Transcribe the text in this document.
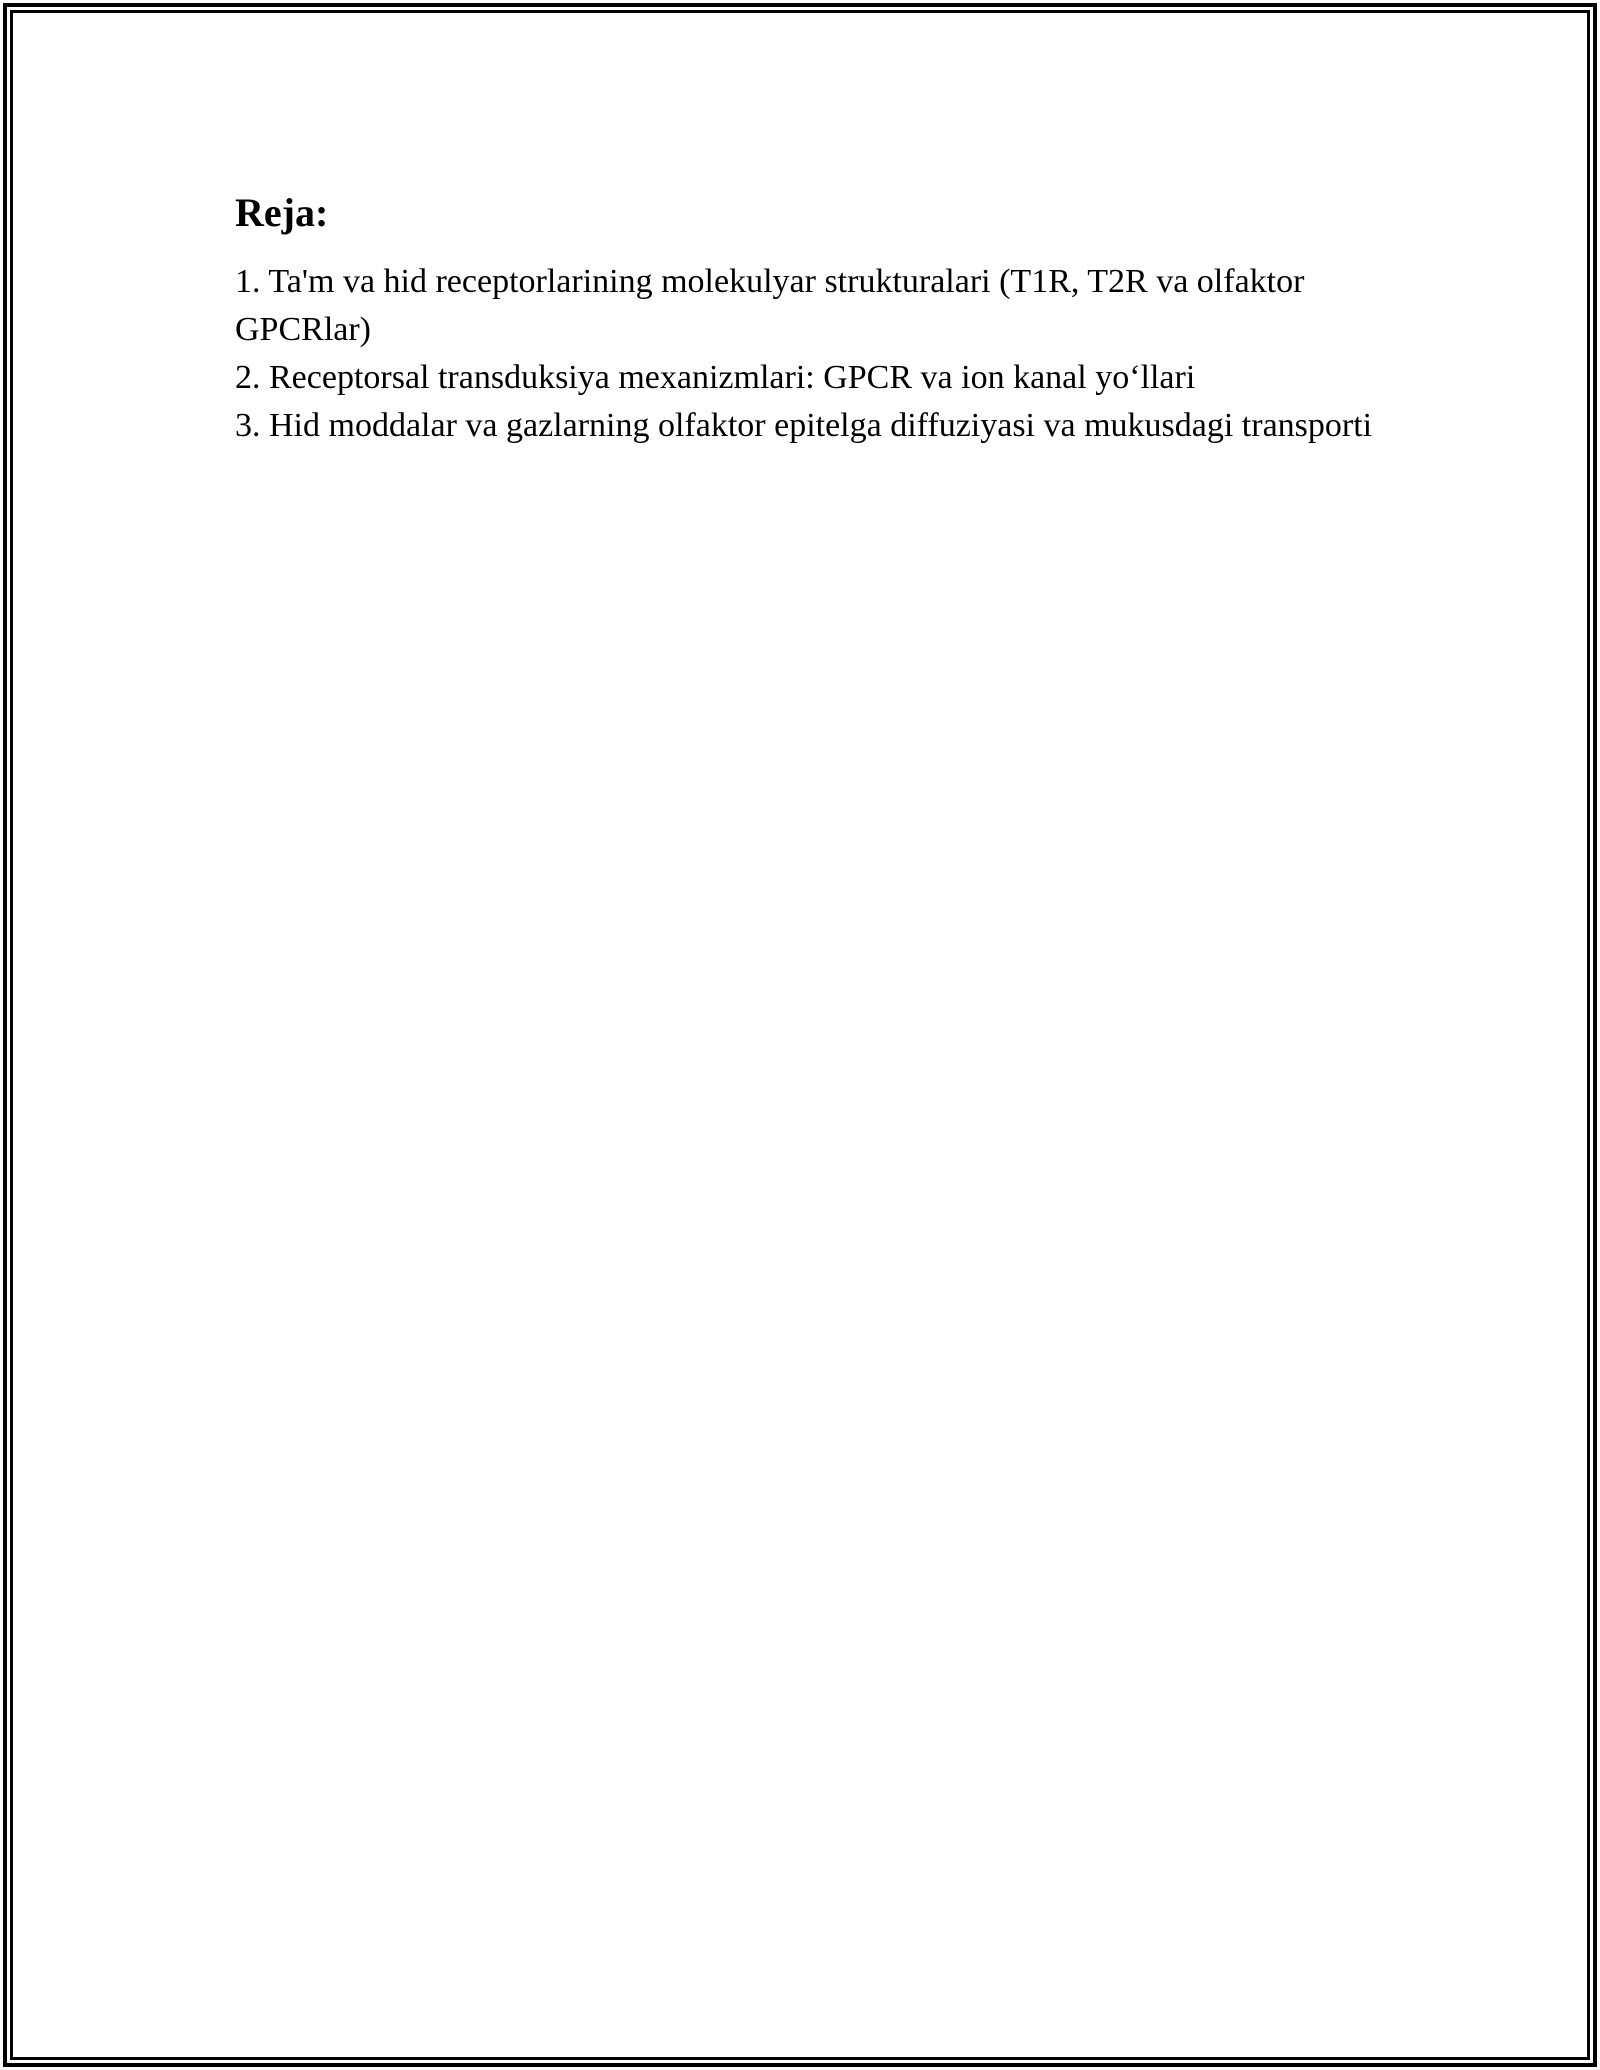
Reja:
1. Ta'm va hid receptorlarining molekulyar strukturalari (T1R, T2R va olfaktor GPCRlar)
2. Receptorsal transduksiya mexanizmlari: GPCR va ion kanal yo‘llari
3. Hid moddalar va gazlarning olfaktor epitelga diffuziyasi va mukusdagi transporti
